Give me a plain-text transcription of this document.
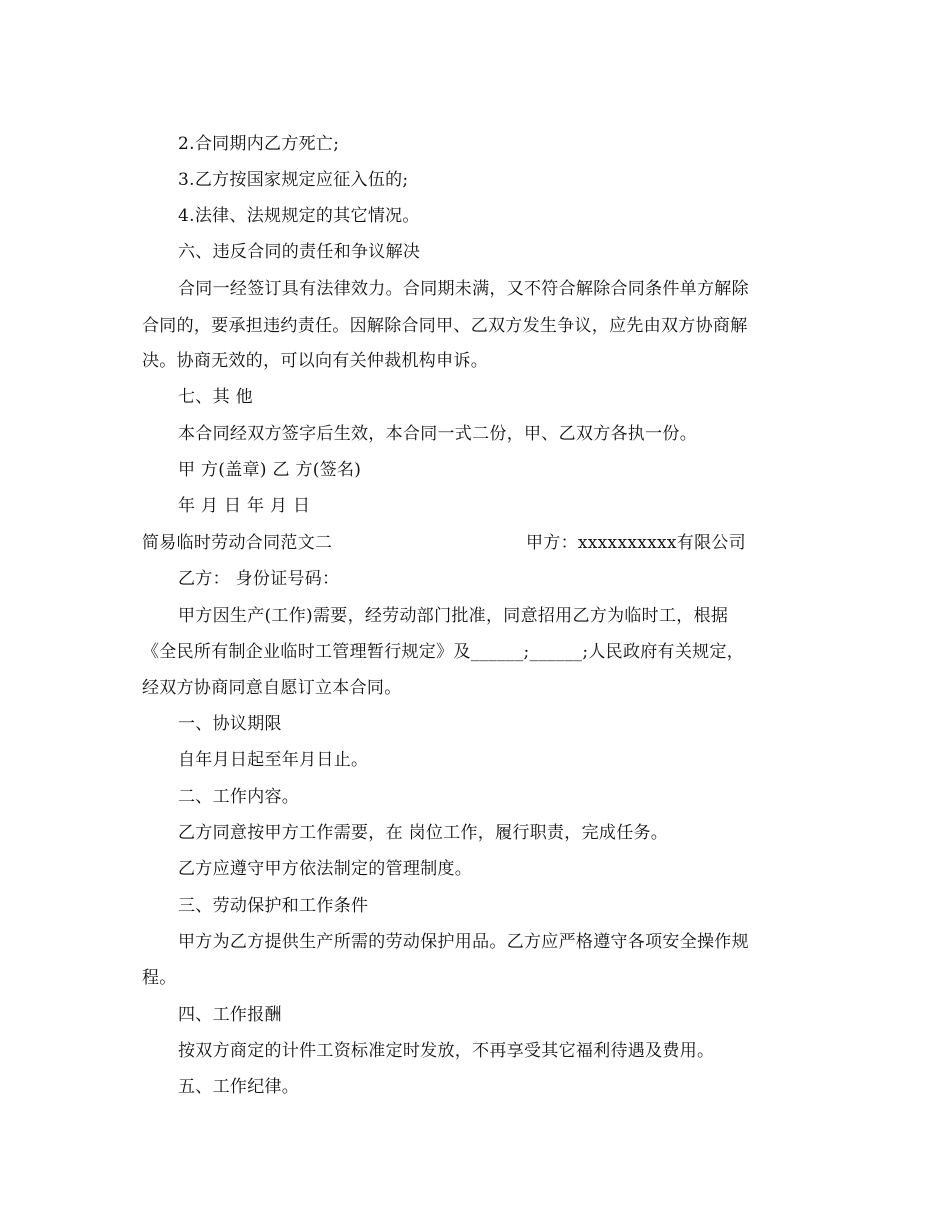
2.合同期内乙方死亡;
3.乙方按国家规定应征入伍的;
4.法律、法规规定的其它情况。
六、违反合同的责任和争议解决
合同一经签订具有法律效力。合同期未满，又不符合解除合同条件单方解除
合同的，要承担违约责任。因解除合同甲、乙双方发生争议，应先由双方协商解
决。协商无效的，可以向有关仲裁机构申诉。
七、其 他
本合同经双方签字后生效，本合同一式二份，甲、乙双方各执一份。
甲 方(盖章) 乙 方(签名)
年 月 日 年 月 日
简易临时劳动合同范文二	甲方：xxxxxxxxxx有限公司
乙方： 身份证号码：
甲方因生产(工作)需要，经劳动部门批准，同意招用乙方为临时工，根据
《全民所有制企业临时工管理暂行规定》及______;______;人民政府有关规定，
经双方协商同意自愿订立本合同。
一、协议期限
自年月日起至年月日止。
二、工作内容。
乙方同意按甲方工作需要，在 岗位工作，履行职责，完成任务。
乙方应遵守甲方依法制定的管理制度。
三、劳动保护和工作条件
甲方为乙方提供生产所需的劳动保护用品。乙方应严格遵守各项安全操作规
程。
四、工作报酬
按双方商定的计件工资标准定时发放，不再享受其它福利待遇及费用。
五、工作纪律。
